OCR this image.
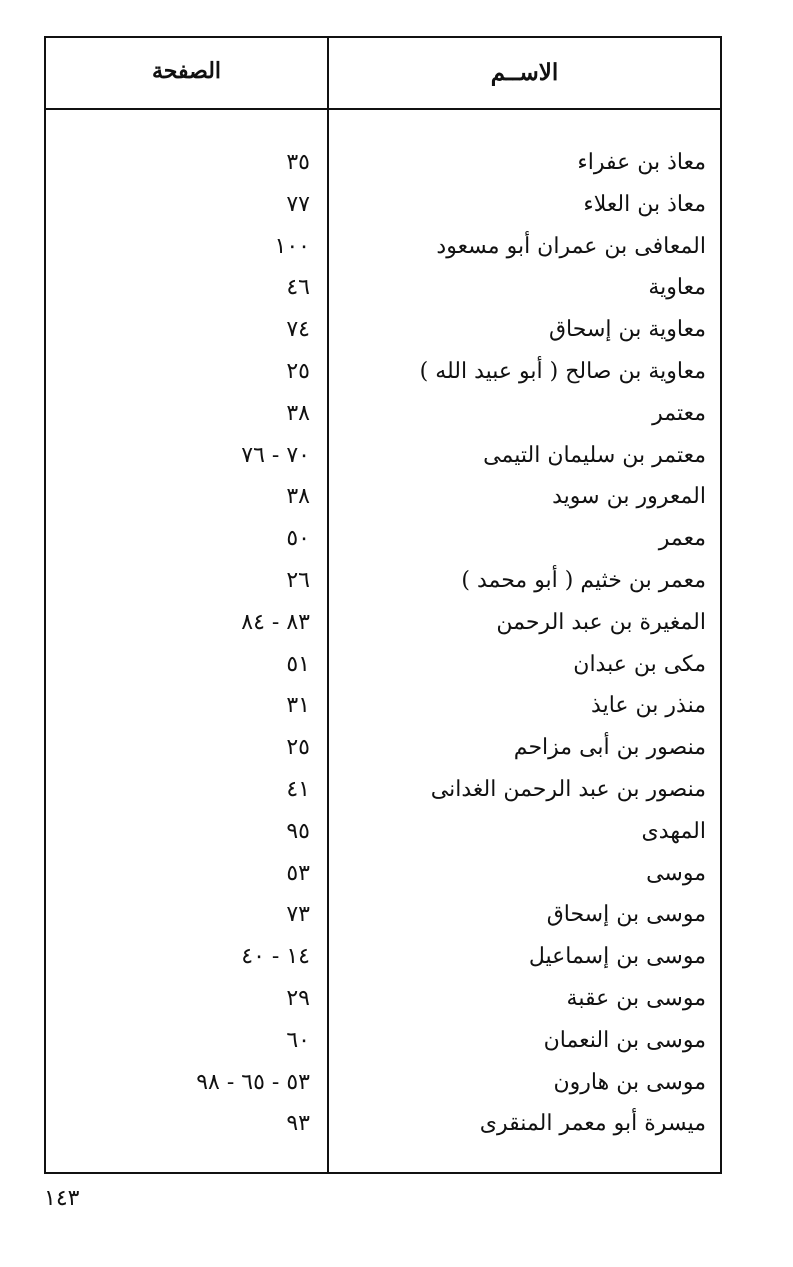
الاســم
الصفحة
معاذ بن عفراء
٣٥
معاذ بن العلاء
٧٧
المعافى بن عمران أبو مسعود
١٠٠
معاوية
٤٦
معاوية بن إسحاق
٧٤
معاوية بن صالح ( أبو عبيد الله )
٢٥
معتمر
٣٨
معتمر بن سليمان التيمى
٧٠ - ٧٦
المعرور بن سويد
٣٨
معمر
٥٠
معمر بن خثيم ( أبو محمد )
٢٦
المغيرة بن عبد الرحمن
٨٣ - ٨٤
مكى بن عبدان
٥١
منذر بن عايذ
٣١
منصور بن أبى مزاحم
٢٥
منصور بن عبد الرحمن الغدانى
٤١
المهدى
٩٥
موسى
٥٣
موسى بن إسحاق
٧٣
موسى بن إسماعيل
١٤ - ٤٠
موسى بن عقبة
٢٩
موسى بن النعمان
٦٠
موسى بن هارون
٥٣ - ٦٥ - ٩٨
ميسرة أبو معمر المنقرى
٩٣
١٤٣
